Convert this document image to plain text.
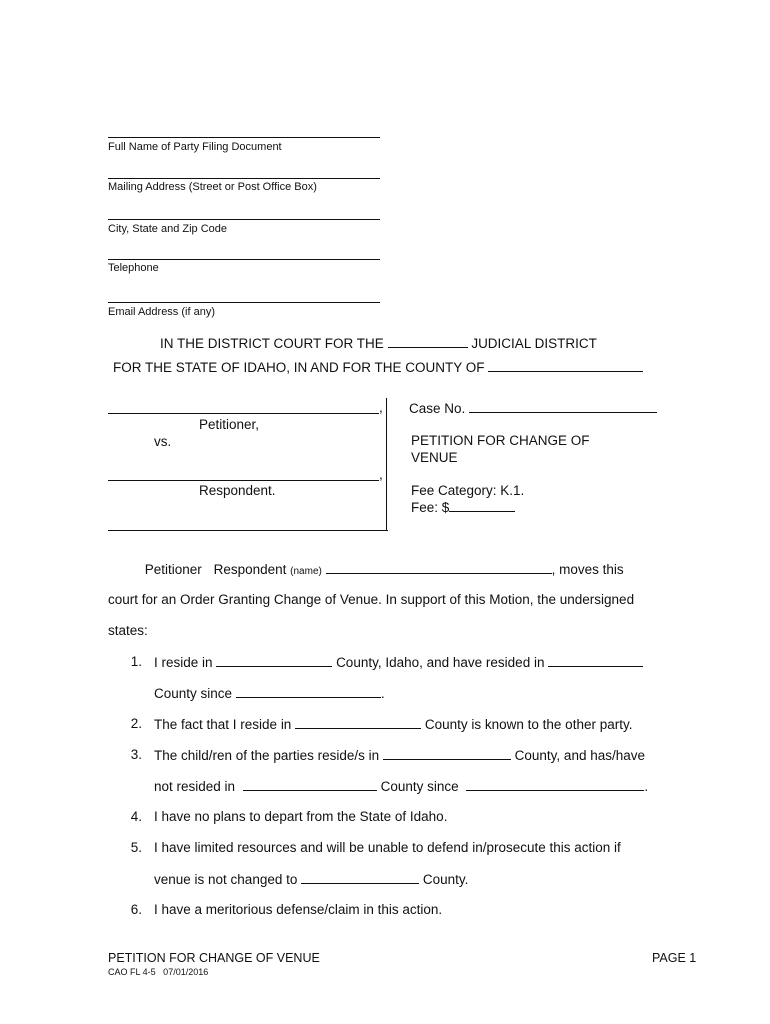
Full Name of Party Filing Document
Mailing Address (Street or Post Office Box)
City, State and Zip Code
Telephone
Email Address (if any)
IN THE DISTRICT COURT FOR THE	JUDICIAL DISTRICT
FOR THE STATE OF IDAHO, IN AND FOR THE COUNTY OF
,
Petitioner,
vs.
,
Respondent.
Case No.
PETITION FOR CHANGE OF
VENUE
Fee Category: K.1.
Fee: $
Petitioner Respondent (name)	, moves this
court for an Order Granting Change of Venue. In support of this Motion, the undersigned
states:
1. I reside in	County, Idaho, and have resided in
County since	.
2. The fact that I reside in	County is known to the other party.
3. The child/ren of the parties reside/s in	County, and has/have
not resided in	County since	.
4. I have no plans to depart from the State of Idaho.
5. I have limited resources and will be unable to defend in/prosecute this action if
venue is not changed to	County.
6. I have a meritorious defense/claim in this action.
PETITION FOR CHANGE OF VENUE	PAGE 1
CAO FL 4-5   07/01/2016
